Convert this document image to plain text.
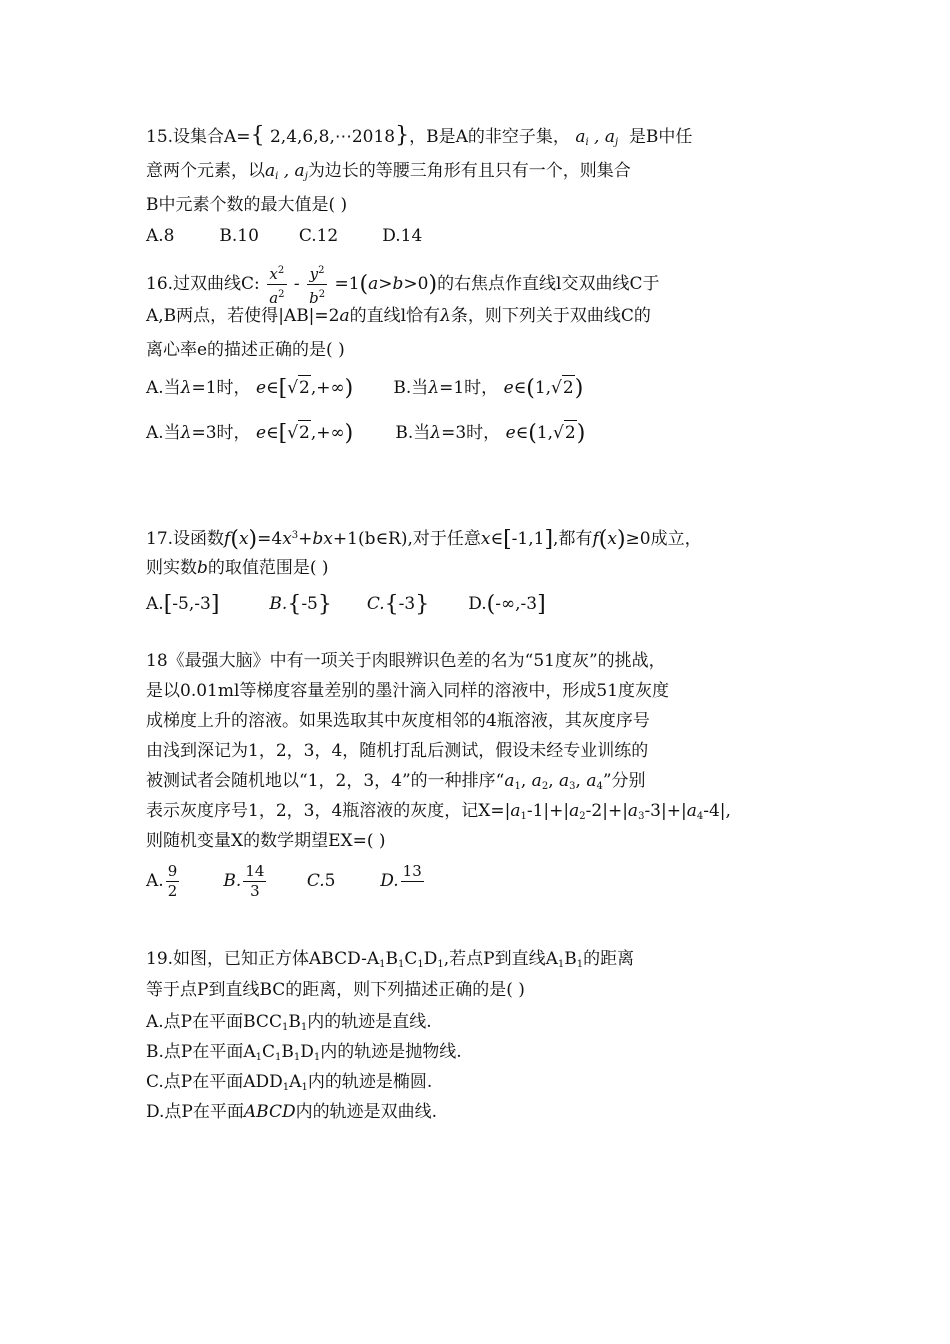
15.设集合A={ 2,4,6,8,⋯2018}，B是A的非空子集， $a_i$ , $a_j$ 是B中任
意两个元素，以$a_i$ , $a_j$为边长的等腰三角形有且只有一个，则集合
B中元素个数的最大值是( )
A.8	B.10 C.12	D.14
16.过双曲线C: $\frac{x^2}{a^2} - \frac{y^2}{b^2} =1(a>b>0)$的右焦点作直线l交双曲线C于
A,B两点，若使得|AB|=2a的直线l恰有λ条，则下列关于双曲线C的
离心率e的描述正确的是( )
A.当λ=1时， e∈[√2,+∞) B.当λ=1时， e∈(1,√2)
A.当λ=3时， e∈[√2,+∞) B.当λ=3时， e∈(1,√2)
17.设函数$f(x)=4x^3+bx+1(b\in R)$,对于任意x∈[-1,1],都有f(x)≥0成立，
则实数b的取值范围是( )
A.[-5,-3]	B.{-5} C.{-3} D.(-∞,-3]
18《最强大脑》中有一项关于肉眼辨识色差的名为“51度灰”的挑战，
是以0.01ml等梯度容量差别的墨汁滴入同样的溶液中，形成51度灰度
成梯度上升的溶液。如果选取其中灰度相邻的4瓶溶液，其灰度序号
由浅到深记为1，2，3，4，随机打乱后测试，假设未经专业训练的
被测试者会随机地以“1，2，3，4”的一种排序“$a_1$, $a_2$, $a_3$, $a_4$”分别
表示灰度序号1，2，3，4瓶溶液的灰度，记$X=|a_1-1|+|a_2-2|+|a_3-3|+|a_4-4|$,
则随机变量X的数学期望EX=( )
A. $\frac{9}{2}$	B. $\frac{14}{3} C.5$	D. 13

19.如图，已知正方体ABCD-$A_1B_1C_1D_1$,若点P到直线$A_1B_1$的距离
等于点P到直线BC的距离，则下列描述正确的是( )
A.点P在平面$BCC_1B_1$内的轨迹是直线.
B.点P在平面$A_1C_1B_1D_1$内的轨迹是抛物线.
C.点P在平面$ADD_1A_1$内的轨迹是椭圆.
D.点P在平面ABCD内的轨迹是双曲线.
